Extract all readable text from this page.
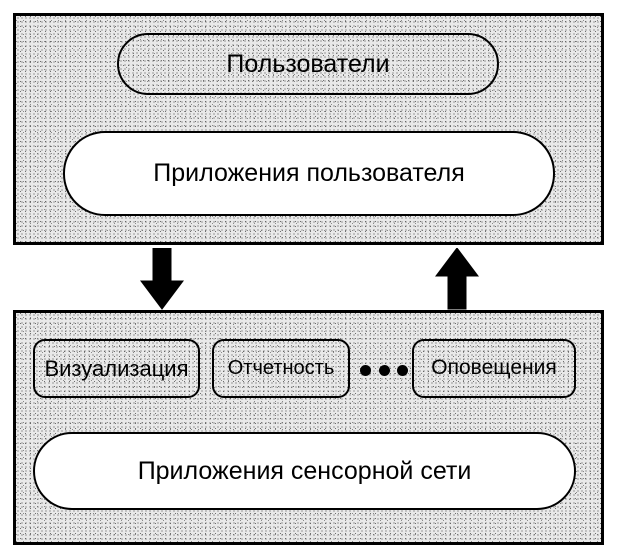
Пользователи
Приложения пользователя
Визуализация	Отчетность	Оповещения
Приложения сенсорной сети
